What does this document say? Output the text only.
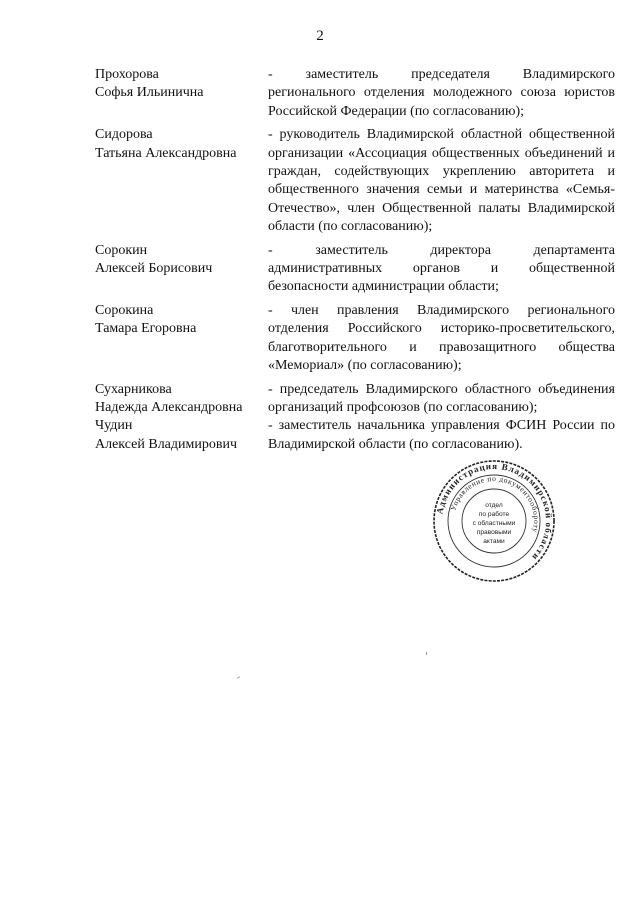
2
Прохорова
Софья Ильинична
- заместитель председателя Владимирского регионального отделения молодежного союза юристов Российской Федерации (по согласованию);
Сидорова
Татьяна Александровна
- руководитель Владимирской областной общественной организации «Ассоциация общественных объединений и граждан, содействующих укреплению авторитета и общественного значения семьи и материнства «Семья-Отечество», член Общественной палаты Владимирской области (по согласованию);
Сорокин
Алексей Борисович
- заместитель директора департамента административных органов и общественной безопасности администрации области;
Сорокина
Тамара Егоровна
- член правления Владимирского регионального отделения Российского историко-просветительского, благотворительного и правозащитного общества «Мемориал» (по согласованию);
Сухарникова
Надежда Александровна
- председатель Владимирского областного объединения организаций профсоюзов (по согласованию);
Чудин
Алексей Владимирович
- заместитель начальника управления ФСИН России по Владимирской области (по согласованию).
Администрация Владимирской области
Управление по документообороту
отдел
по работе
с областными
правовыми
актами
